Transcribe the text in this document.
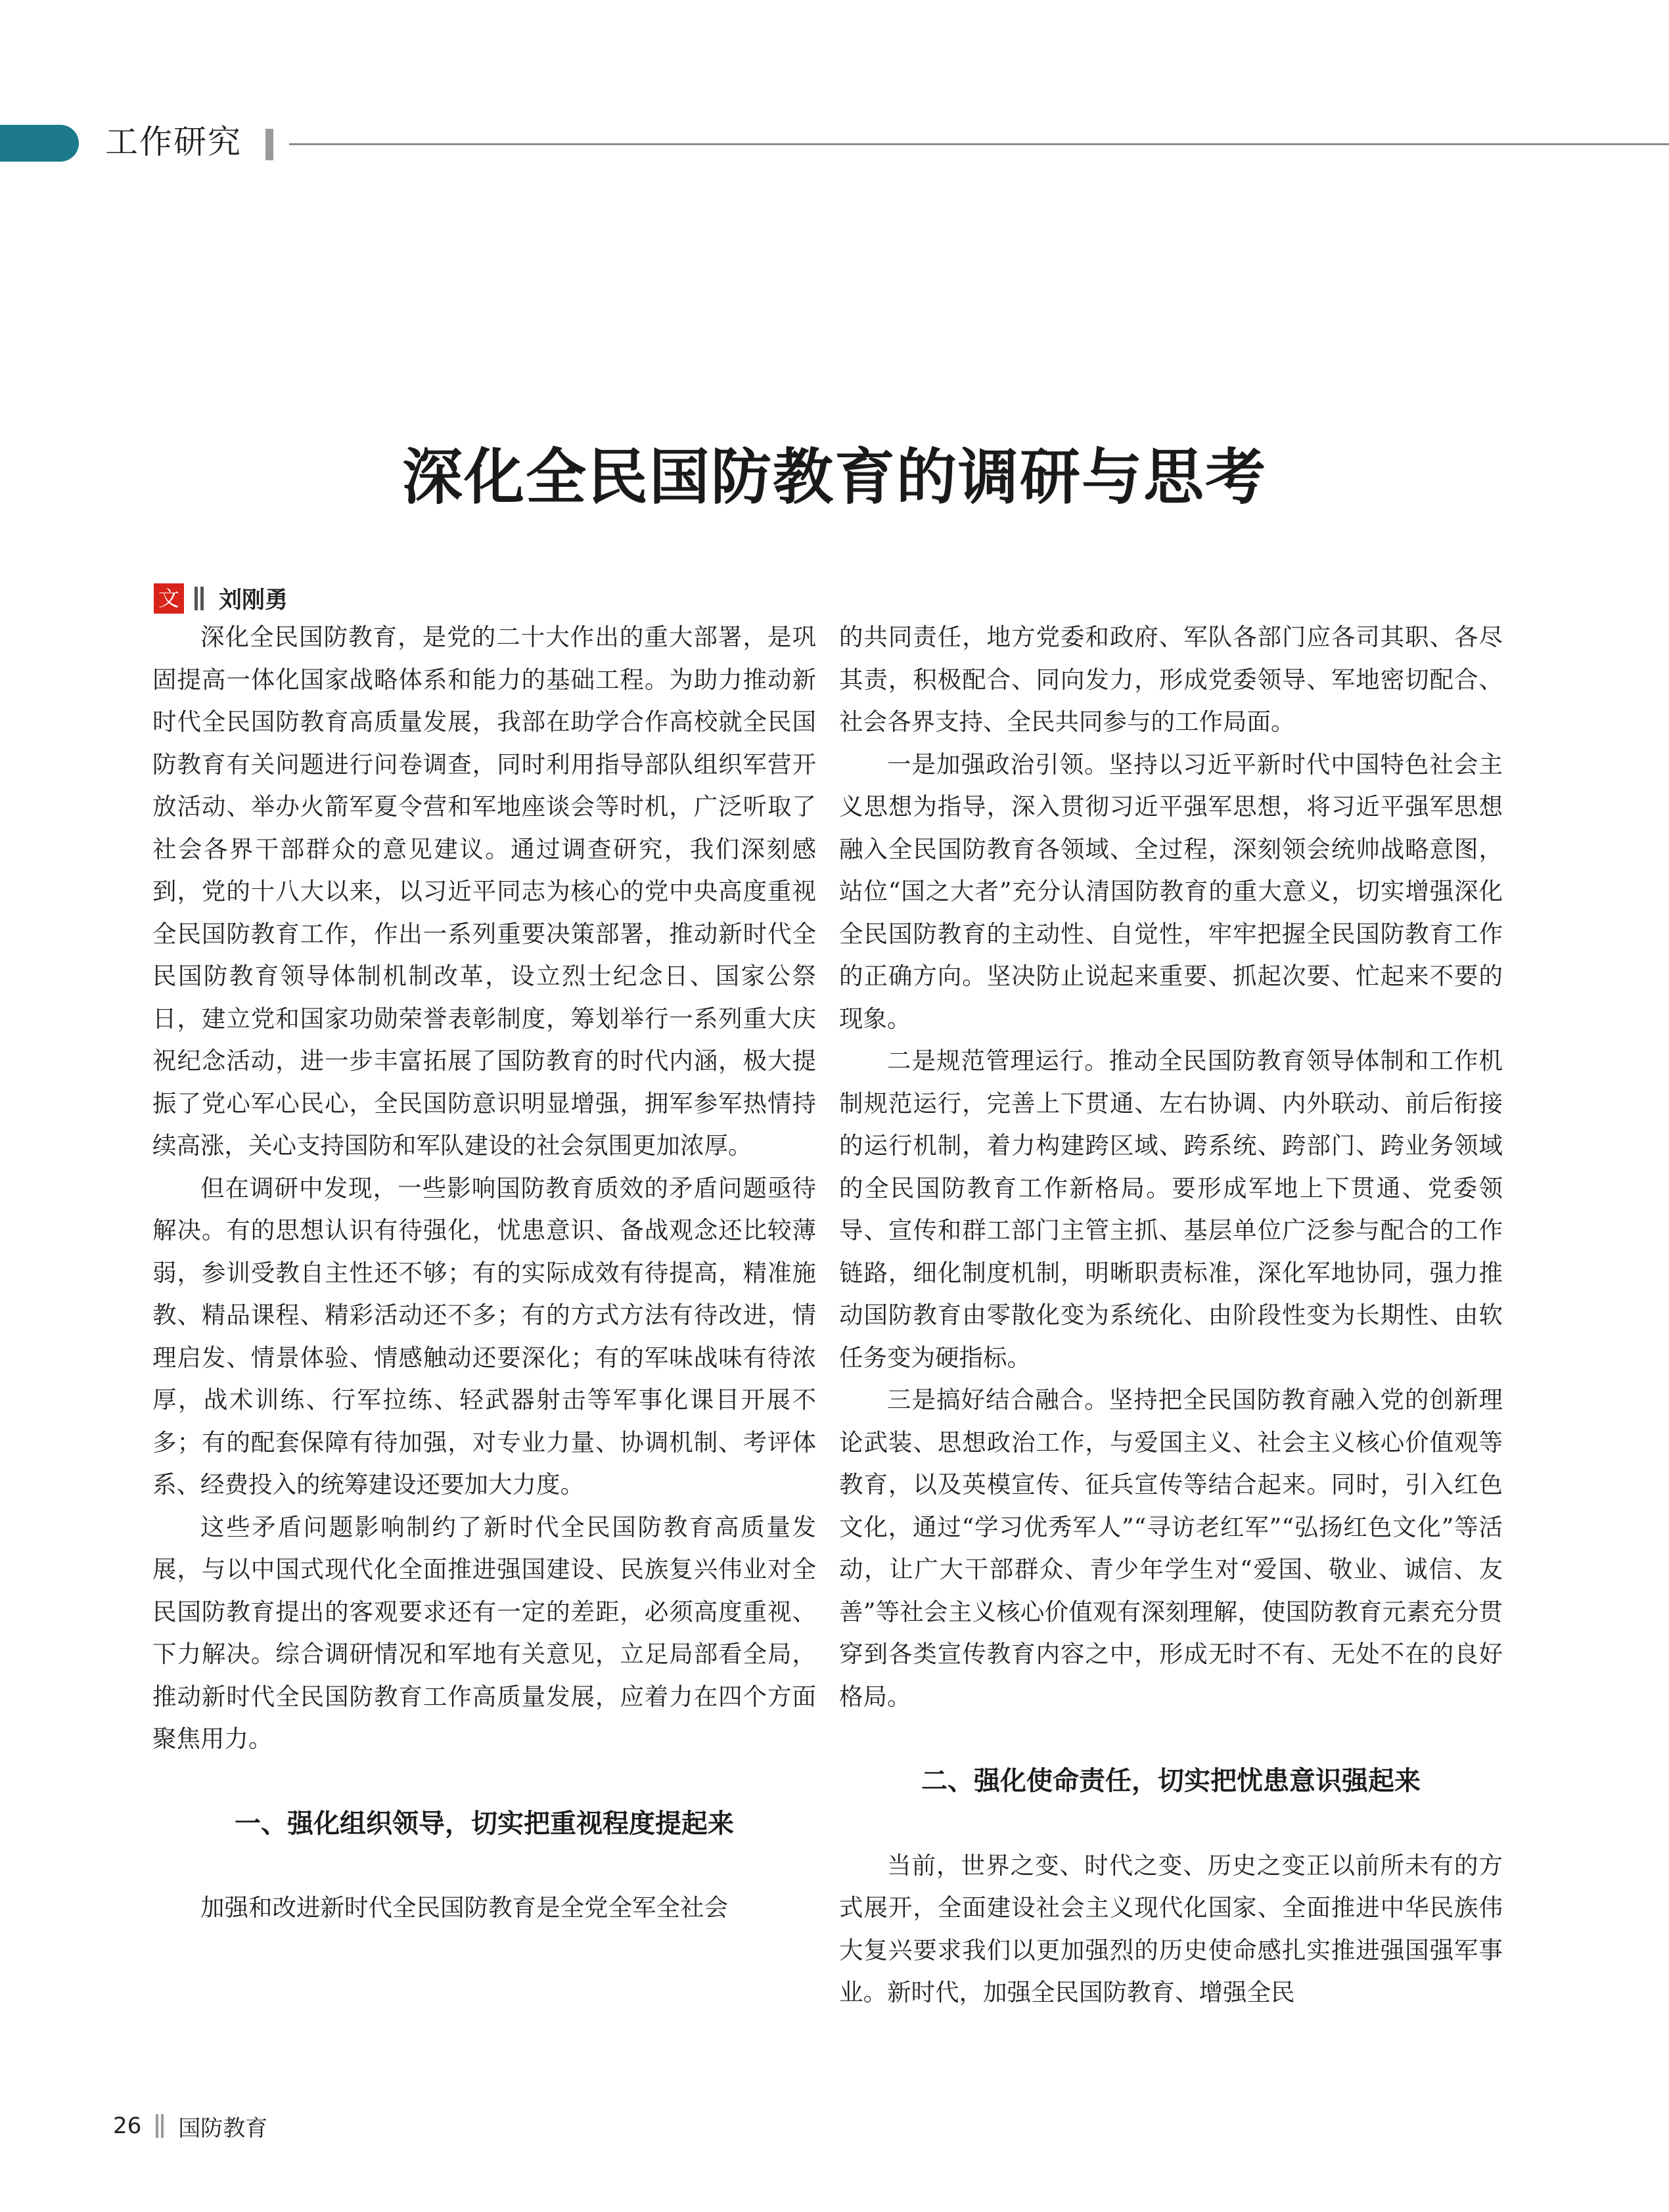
工作研究
深化全民国防教育的调研与思考
文 刘刚勇

深化全民国防教育，是党的二十大作出的重大部署，是巩固提高一体化国家战略体系和能力的基础工程。为助力推动新时代全民国防教育高质量发展，我部在助学合作高校就全民国防教育有关问题进行问卷调查，同时利用指导部队组织军营开放活动、举办火箭军夏令营和军地座谈会等时机，广泛听取了社会各界干部群众的意见建议。通过调查研究，我们深刻感到，党的十八大以来，以习近平同志为核心的党中央高度重视全民国防教育工作，作出一系列重要决策部署，推动新时代全民国防教育领导体制机制改革，设立烈士纪念日、国家公祭日，建立党和国家功勋荣誉表彰制度，筹划举行一系列重大庆祝纪念活动，进一步丰富拓展了国防教育的时代内涵，极大提振了党心军心民心，全民国防意识明显增强，拥军参军热情持续高涨，关心支持国防和军队建设的社会氛围更加浓厚。

但在调研中发现，一些影响国防教育质效的矛盾问题亟待解决。有的思想认识有待强化，忧患意识、备战观念还比较薄弱，参训受教自主性还不够；有的实际成效有待提高，精准施教、精品课程、精彩活动还不多；有的方式方法有待改进，情理启发、情景体验、情感触动还要深化；有的军味战味有待浓厚，战术训练、行军拉练、轻武器射击等军事化课目开展不多；有的配套保障有待加强，对专业力量、协调机制、考评体系、经费投入的统筹建设还要加大力度。

这些矛盾问题影响制约了新时代全民国防教育高质量发展，与以中国式现代化全面推进强国建设、民族复兴伟业对全民国防教育提出的客观要求还有一定的差距，必须高度重视、下力解决。综合调研情况和军地有关意见，立足局部看全局，推动新时代全民国防教育工作高质量发展，应着力在四个方面聚焦用力。

一、强化组织领导，切实把重视程度提起来

加强和改进新时代全民国防教育是全党全军全社会

的共同责任，地方党委和政府、军队各部门应各司其职、各尽其责，积极配合、同向发力，形成党委领导、军地密切配合、社会各界支持、全民共同参与的工作局面。

一是加强政治引领。坚持以习近平新时代中国特色社会主义思想为指导，深入贯彻习近平强军思想，将习近平强军思想融入全民国防教育各领域、全过程，深刻领会统帅战略意图，站位“国之大者”充分认清国防教育的重大意义，切实增强深化全民国防教育的主动性、自觉性，牢牢把握全民国防教育工作的正确方向。坚决防止说起来重要、抓起次要、忙起来不要的现象。

二是规范管理运行。推动全民国防教育领导体制和工作机制规范运行，完善上下贯通、左右协调、内外联动、前后衔接的运行机制，着力构建跨区域、跨系统、跨部门、跨业务领域的全民国防教育工作新格局。要形成军地上下贯通、党委领导、宣传和群工部门主管主抓、基层单位广泛参与配合的工作链路，细化制度机制，明晰职责标准，深化军地协同，强力推动国防教育由零散化变为系统化、由阶段性变为长期性、由软任务变为硬指标。

三是搞好结合融合。坚持把全民国防教育融入党的创新理论武装、思想政治工作，与爱国主义、社会主义核心价值观等教育，以及英模宣传、征兵宣传等结合起来。同时，引入红色文化，通过“学习优秀军人”“寻访老红军”“弘扬红色文化”等活动，让广大干部群众、青少年学生对“爱国、敬业、诚信、友善”等社会主义核心价值观有深刻理解，使国防教育元素充分贯穿到各类宣传教育内容之中，形成无时不有、无处不在的良好格局。

二、强化使命责任，切实把忧患意识强起来

当前，世界之变、时代之变、历史之变正以前所未有的方式展开，全面建设社会主义现代化国家、全面推进中华民族伟大复兴要求我们以更加强烈的历史使命感扎实推进强国强军事业。新时代，加强全民国防教育、增强全民

26 国防教育
